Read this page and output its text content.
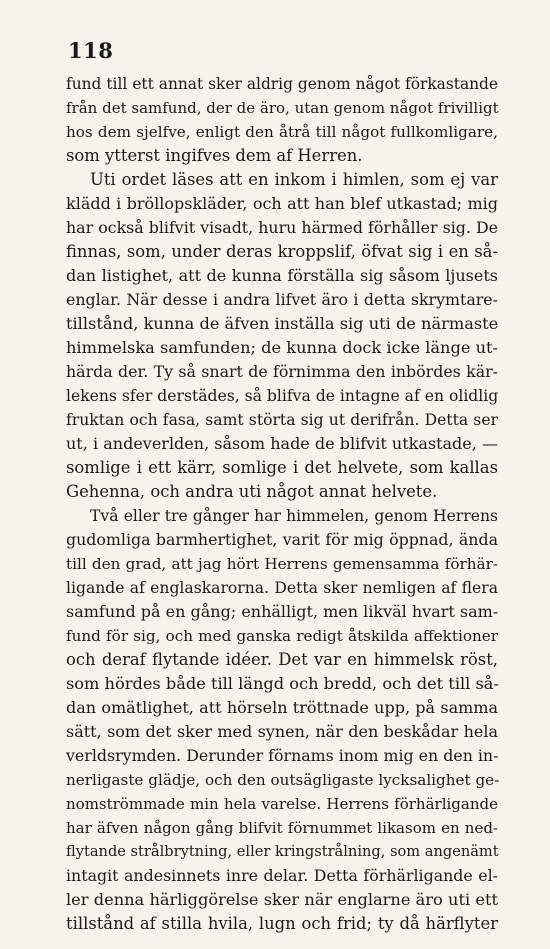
118
fund till ett annat sker aldrig genom något förkastande
från det samfund, der de äro, utan genom något frivilligt
hos dem sjelfve, enligt den åtrå till något fullkomligare,
som ytterst ingifves dem af Herren.
Uti ordet läses att en inkom i himlen, som ej var
klädd i bröllopskläder, och att han blef utkastad; mig
har också blifvit visadt, huru härmed förhåller sig. De
finnas, som, under deras kroppslif, öfvat sig i en så-
dan listighet, att de kunna förställa sig såsom ljusets
englar. När desse i andra lifvet äro i detta skrymtare-
tillstånd, kunna de äfven inställa sig uti de närmaste
himmelska samfunden; de kunna dock icke länge ut-
härda der. Ty så snart de förnimma den inbördes kär-
lekens sfer derstädes, så blifva de intagne af en olidlig
fruktan och fasa, samt störta sig ut derifrån. Detta ser
ut, i andeverlden, såsom hade de blifvit utkastade, —
somlige i ett kärr, somlige i det helvete, som kallas
Gehenna, och andra uti något annat helvete.
Två eller tre gånger har himmelen, genom Herrens
gudomliga barmhertighet, varit för mig öppnad, ända
till den grad, att jag hört Herrens gemensamma förhär-
ligande af englaskarorna. Detta sker nemligen af flera
samfund på en gång; enhälligt, men likväl hvart sam-
fund för sig, och med ganska redigt åtskilda affektioner
och deraf flytande idéer. Det var en himmelsk röst,
som hördes både till längd och bredd, och det till så-
dan omätlighet, att hörseln tröttnade upp, på samma
sätt, som det sker med synen, när den beskådar hela
verldsrymden. Derunder förnams inom mig en den in-
nerligaste glädje, och den outsägligaste lycksalighet ge-
nomströmmade min hela varelse. Herrens förhärligande
har äfven någon gång blifvit förnummet likasom en ned-
flytande strålbrytning, eller kringstrålning, som angenämt
intagit andesinnets inre delar. Detta förhärligande el-
ler denna härliggörelse sker när englarne äro uti ett
tillstånd af stilla hvila, lugn och frid; ty då härflyter
